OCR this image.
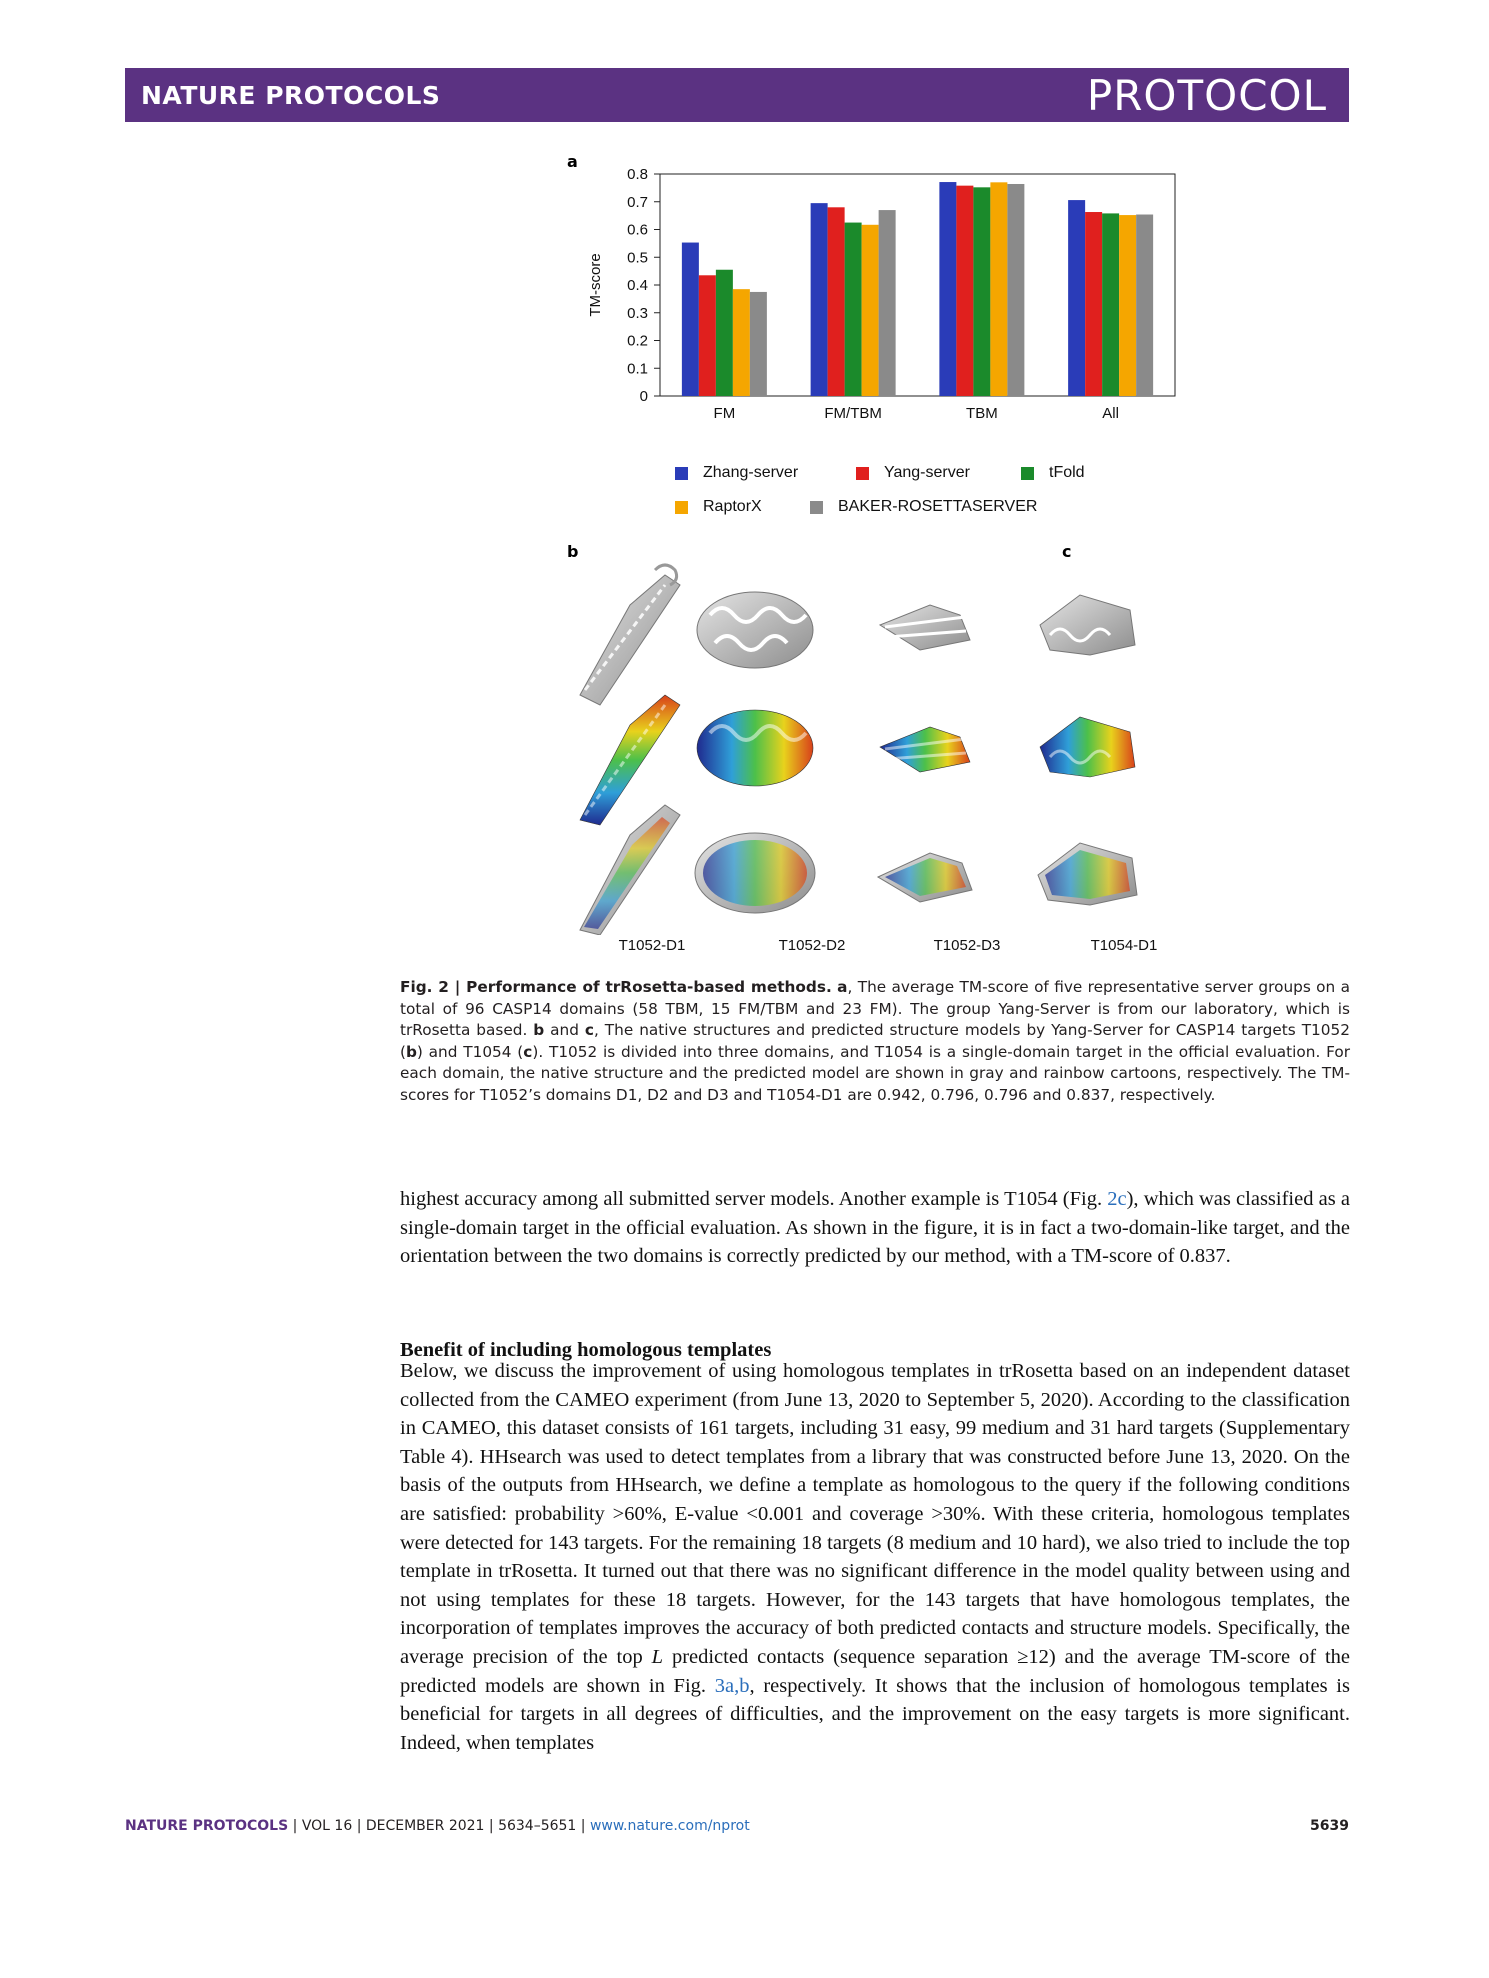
NATURE PROTOCOLS	PROTOCOL
a
0
0.1
0.2
0.3
0.4
0.5
0.6
0.7
0.8
TM-score
FM	FM/TBM	TBM	All
Zhang-server	Yang-server	tFold
RaptorX	BAKER-ROSETTASERVER
b	c
T1052-D1	T1052-D2	T1052-D3	T1054-D1
Fig. 2 | Performance of trRosetta-based methods. a, The average TM-score of five representative server groups on a total of 96 CASP14 domains (58 TBM, 15 FM/TBM and 23 FM). The group Yang-Server is from our laboratory, which is trRosetta based. b and c, The native structures and predicted structure models by Yang-Server for CASP14 targets T1052 (b) and T1054 (c). T1052 is divided into three domains, and T1054 is a single-domain target in the official evaluation. For each domain, the native structure and the predicted model are shown in gray and rainbow cartoons, respectively. The TM-scores for T1052’s domains D1, D2 and D3 and T1054-D1 are 0.942, 0.796, 0.796 and 0.837, respectively.
highest accuracy among all submitted server models. Another example is T1054 (Fig. 2c), which was classified as a single-domain target in the official evaluation. As shown in the figure, it is in fact a two-domain-like target, and the orientation between the two domains is correctly predicted by our method, with a TM-score of 0.837.
Benefit of including homologous templates
Below, we discuss the improvement of using homologous templates in trRosetta based on an independent dataset collected from the CAMEO experiment (from June 13, 2020 to September 5, 2020). According to the classification in CAMEO, this dataset consists of 161 targets, including 31 easy, 99 medium and 31 hard targets (Supplementary Table 4). HHsearch was used to detect templates from a library that was constructed before June 13, 2020. On the basis of the outputs from HHsearch, we define a template as homologous to the query if the following conditions are satisfied: probability >60%, E-value <0.001 and coverage >30%. With these criteria, homologous templates were detected for 143 targets. For the remaining 18 targets (8 medium and 10 hard), we also tried to include the top template in trRosetta. It turned out that there was no significant difference in the model quality between using and not using templates for these 18 targets. However, for the 143 targets that have homologous templates, the incorporation of templates improves the accuracy of both predicted contacts and structure models. Specifically, the average precision of the top L predicted contacts (sequence separation ≥12) and the average TM-score of the predicted models are shown in Fig. 3a,b, respectively. It shows that the inclusion of homologous templates is beneficial for targets in all degrees of difficulties, and the improvement on the easy targets is more significant. Indeed, when templates
NATURE PROTOCOLS | VOL 16 | DECEMBER 2021 | 5634–5651 | www.nature.com/nprot	5639
